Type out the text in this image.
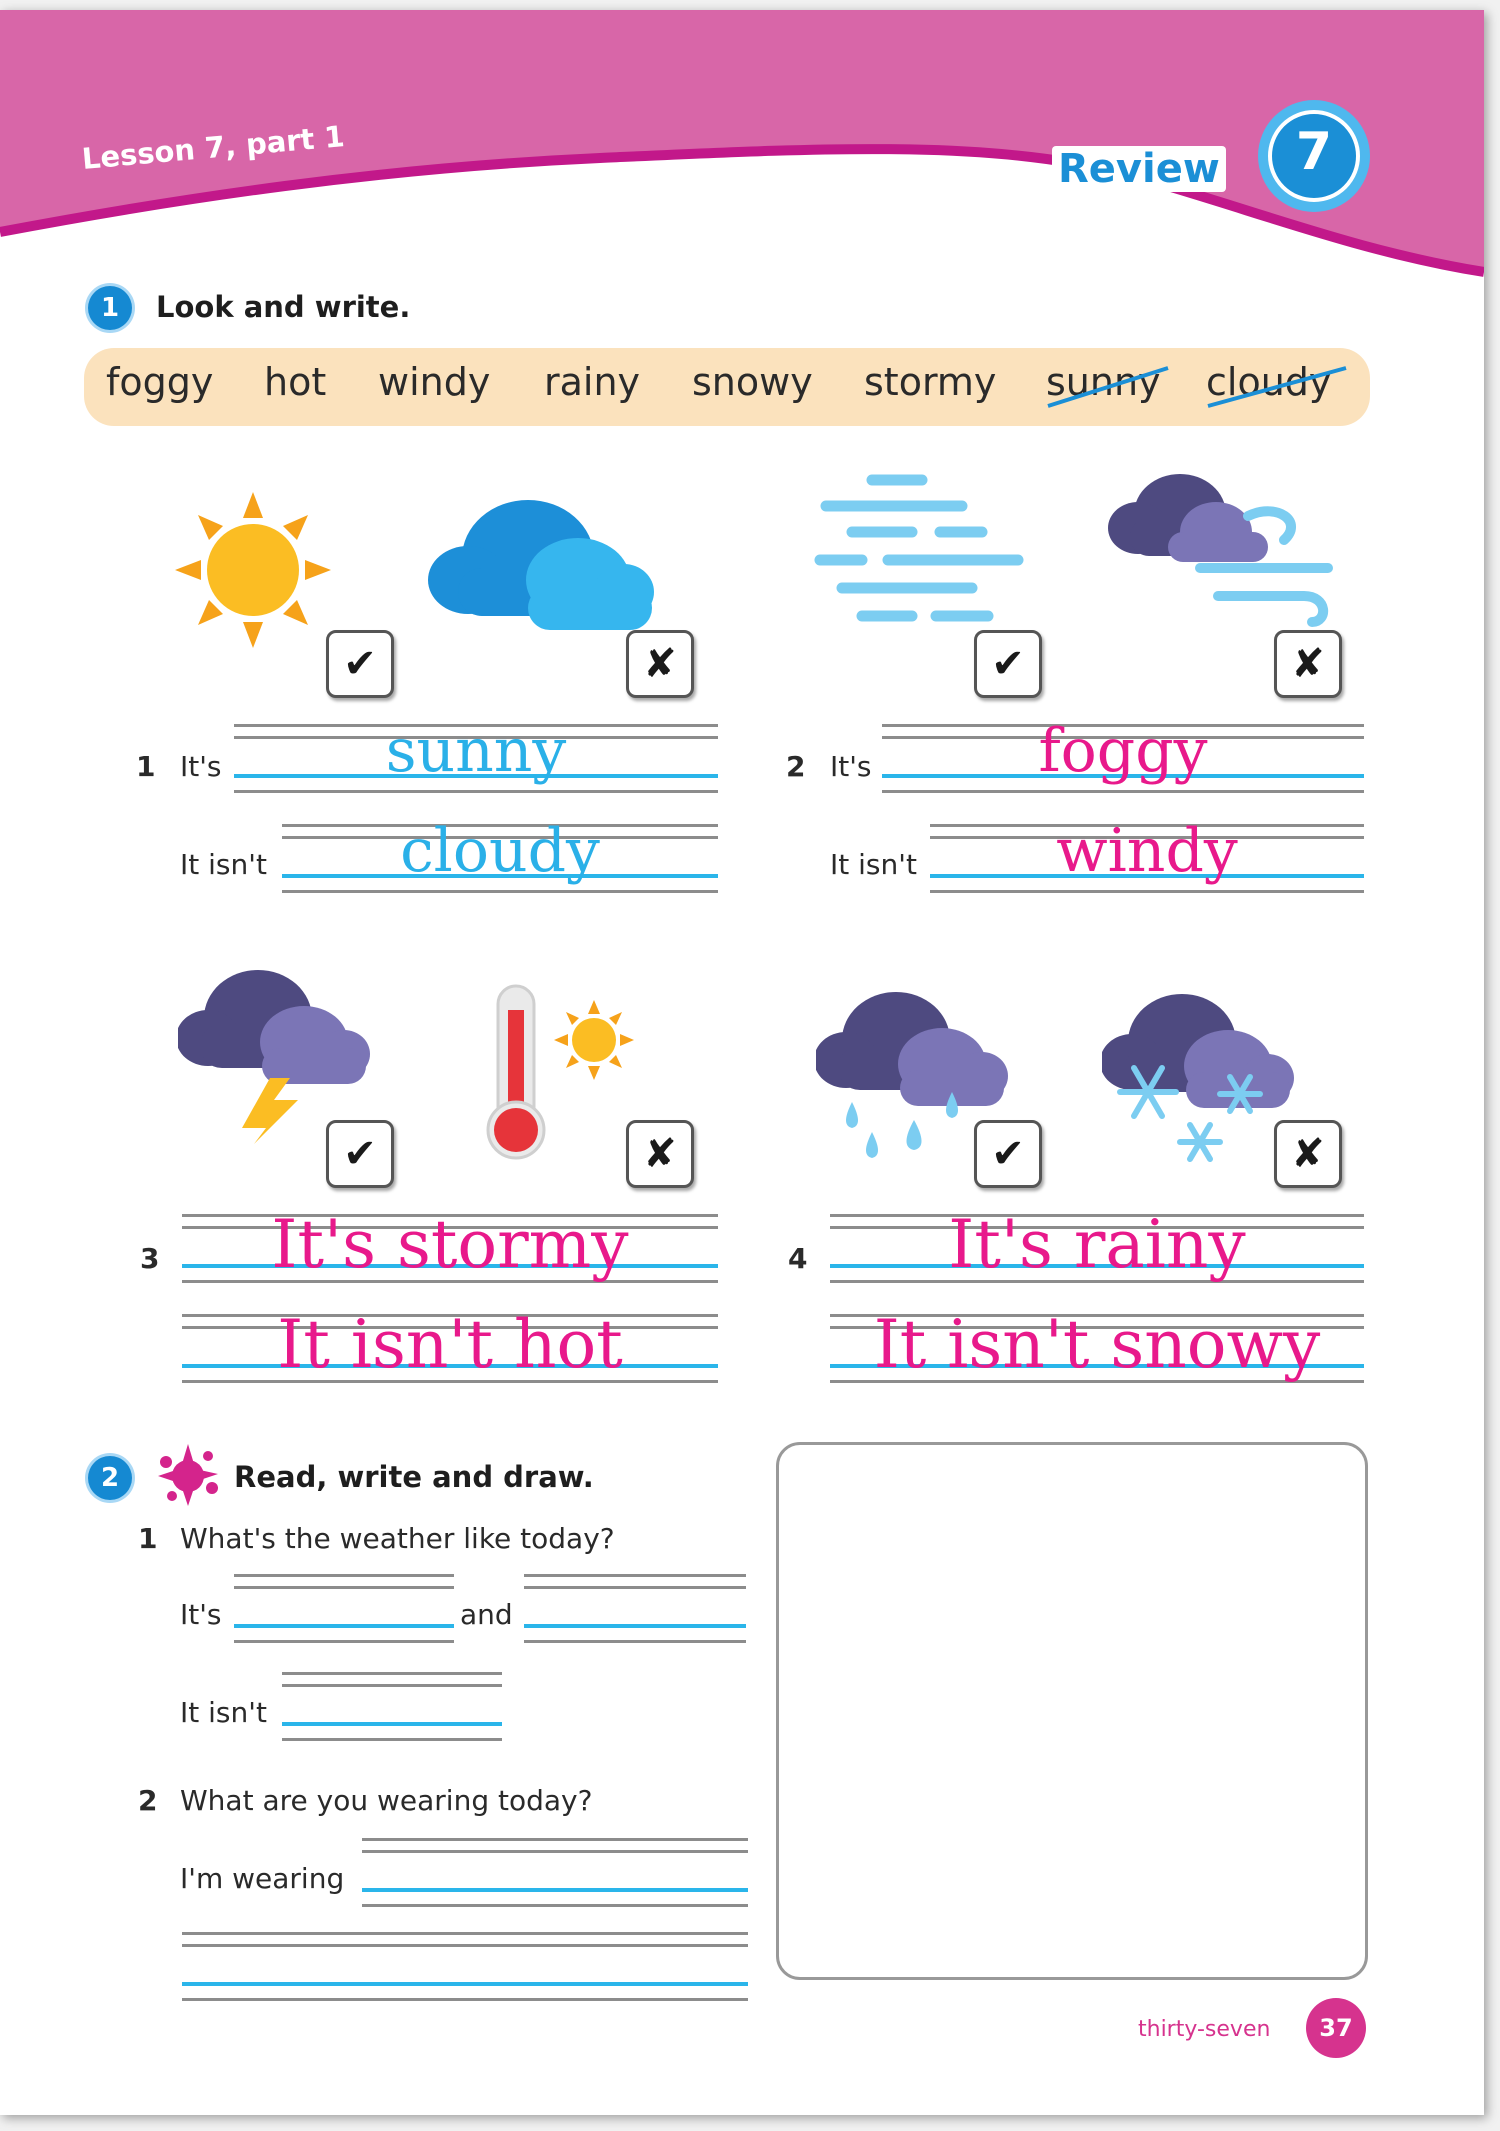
Lesson 7, part 1	Review	7
1	Look and write.
foggy hot windy rainy snowy stormy sunny cloudy
✔	✘
1 It's	sunny
It isn't	cloudy
✔	✘
2 It's	foggy
It isn't	windy
✔	✘
3	It's stormy
It isn't hot
✔	✘
4	It's rainy
It isn't snowy
2	Read, write and draw.
1 What's the weather like today?
It's	and
It isn't
2 What are you wearing today?
I'm wearing
thirty-seven	37
